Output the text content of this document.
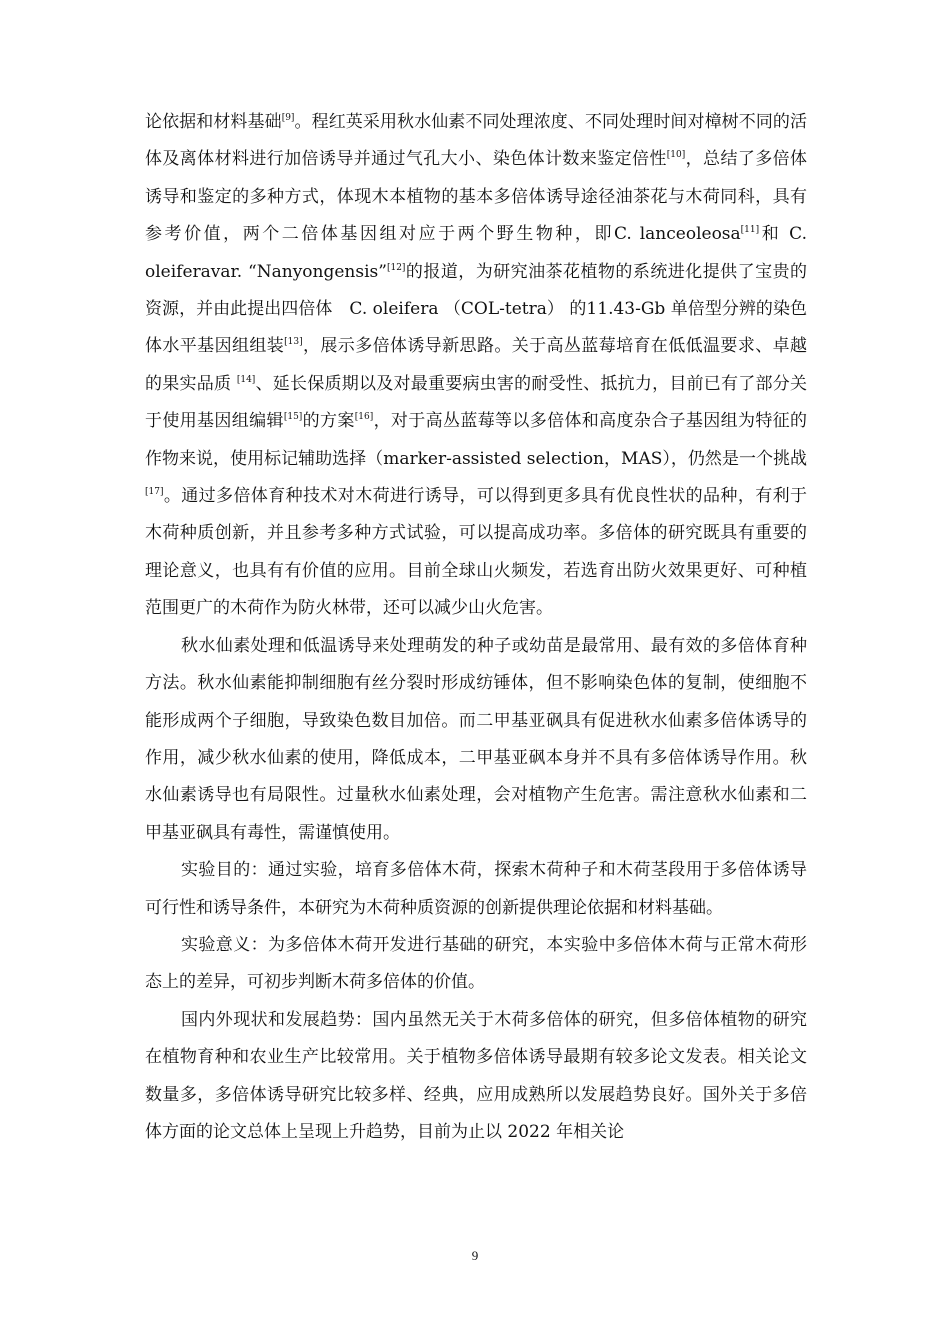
论依据和材料基础[9]。程红英采用秋水仙素不同处理浓度、不同处理时间对樟树不同的活体及离体材料进行加倍诱导并通过气孔大小、染色体计数来鉴定倍性[10]，总结了多倍体诱导和鉴定的多种方式，体现木本植物的基本多倍体诱导途径油茶花与木荷同科，具有参考价值，两个二倍体基因组对应于两个野生物种，即C. lanceoleosa[11]和 C. oleiferavar. “Nanyongensis”[12]的报道，为研究油茶花植物的系统进化提供了宝贵的资源，并由此提出四倍体　C. oleifera （COL-tetra） 的11.43-Gb 单倍型分辨的染色体水平基因组组装[13]，展示多倍体诱导新思路。关于高丛蓝莓培育在低低温要求、卓越的果实品质 [14]、延长保质期以及对最重要病虫害的耐受性、抵抗力，目前已有了部分关于使用基因组编辑[15]的方案[16]，对于高丛蓝莓等以多倍体和高度杂合子基因组为特征的作物来说，使用标记辅助选择（marker-assisted selection，MAS），仍然是一个挑战[17]。通过多倍体育种技术对木荷进行诱导，可以得到更多具有优良性状的品种，有利于木荷种质创新，并且参考多种方式试验，可以提高成功率。多倍体的研究既具有重要的理论意义，也具有有价值的应用。目前全球山火频发，若选育出防火效果更好、可种植范围更广的木荷作为防火林带，还可以减少山火危害。

秋水仙素处理和低温诱导来处理萌发的种子或幼苗是最常用、最有效的多倍体育种方法。秋水仙素能抑制细胞有丝分裂时形成纺锤体，但不影响染色体的复制，使细胞不能形成两个子细胞，导致染色数目加倍。而二甲基亚砜具有促进秋水仙素多倍体诱导的作用，减少秋水仙素的使用，降低成本，二甲基亚砜本身并不具有多倍体诱导作用。秋水仙素诱导也有局限性。过量秋水仙素处理，会对植物产生危害。需注意秋水仙素和二甲基亚砜具有毒性，需谨慎使用。

实验目的：通过实验，培育多倍体木荷，探索木荷种子和木荷茎段用于多倍体诱导可行性和诱导条件，本研究为木荷种质资源的创新提供理论依据和材料基础。

实验意义：为多倍体木荷开发进行基础的研究，本实验中多倍体木荷与正常木荷形态上的差异，可初步判断木荷多倍体的价值。

国内外现状和发展趋势：国内虽然无关于木荷多倍体的研究，但多倍体植物的研究在植物育种和农业生产比较常用。关于植物多倍体诱导最期有较多论文发表。相关论文数量多，多倍体诱导研究比较多样、经典，应用成熟所以发展趋势良好。国外关于多倍体方面的论文总体上呈现上升趋势，目前为止以 2022 年相关论

9
